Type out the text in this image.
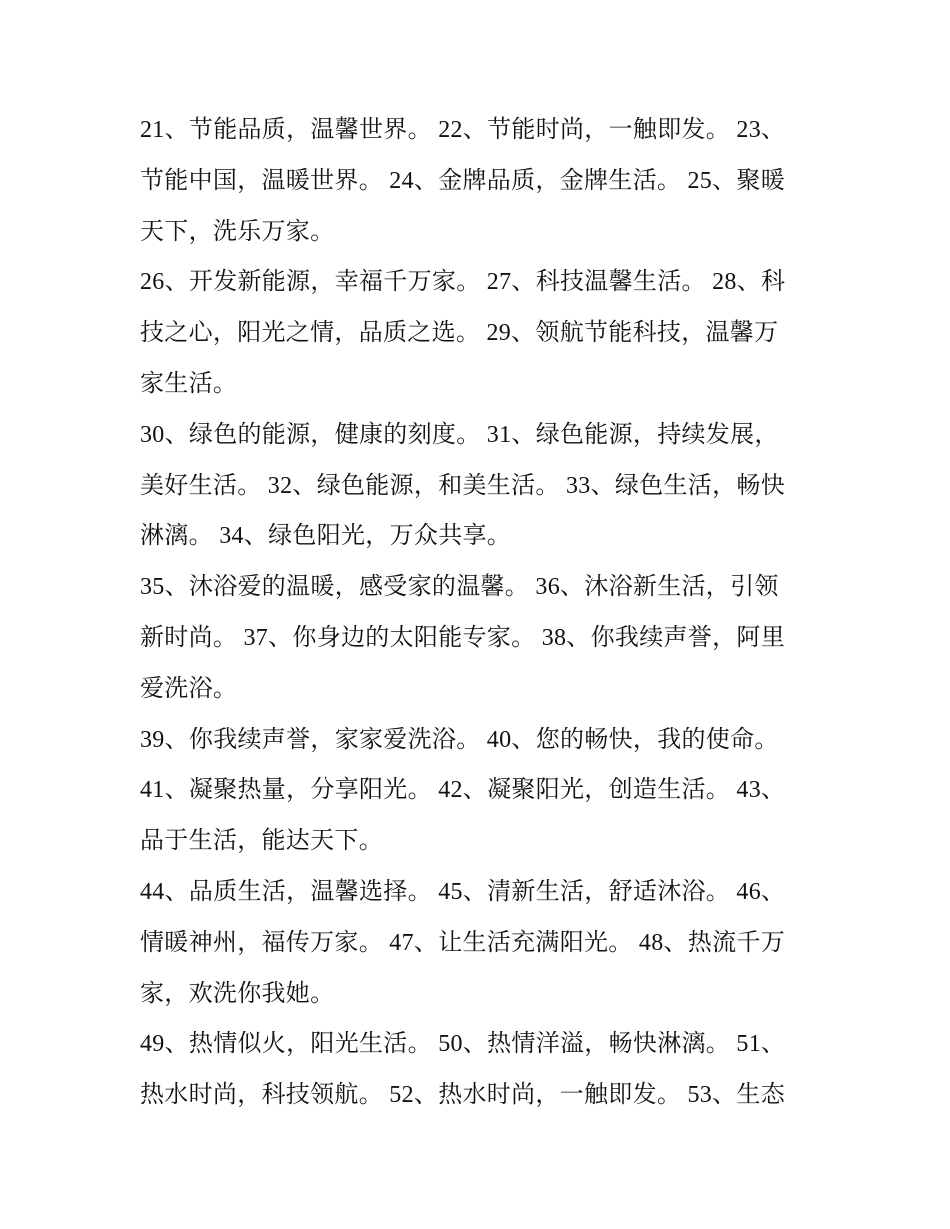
21、节能品质，温馨世界。 22、节能时尚，一触即发。 23、
节能中国，温暖世界。 24、金牌品质，金牌生活。 25、聚暖
天下，洗乐万家。
26、开发新能源，幸福千万家。 27、科技温馨生活。 28、科
技之心，阳光之情，品质之选。 29、领航节能科技，温馨万
家生活。
30、绿色的能源，健康的刻度。 31、绿色能源，持续发展，
美好生活。 32、绿色能源，和美生活。 33、绿色生活，畅快
淋漓。 34、绿色阳光，万众共享。
35、沐浴爱的温暖，感受家的温馨。 36、沐浴新生活，引领
新时尚。 37、你身边的太阳能专家。 38、你我续声誉，阿里
爱洗浴。
39、你我续声誉，家家爱洗浴。 40、您的畅快，我的使命。
41、凝聚热量，分享阳光。 42、凝聚阳光，创造生活。 43、
品于生活，能达天下。
44、品质生活，温馨选择。 45、清新生活，舒适沐浴。 46、
情暖神州，福传万家。 47、让生活充满阳光。 48、热流千万
家，欢洗你我她。
49、热情似火，阳光生活。 50、热情洋溢，畅快淋漓。 51、
热水时尚，科技领航。 52、热水时尚，一触即发。 53、生态
